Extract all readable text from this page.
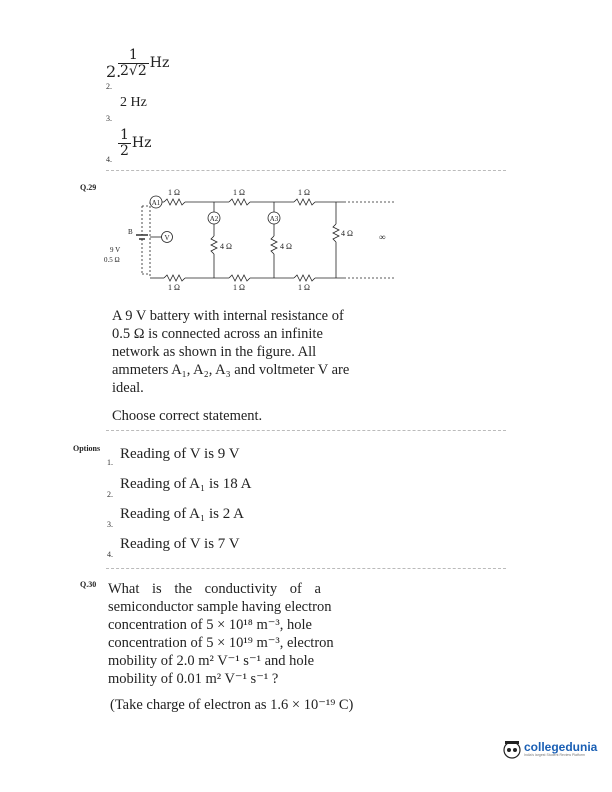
2.
2.
$\frac{1}{2√2}$ Hz
3.
2 Hz
4.
$\frac{1}{2}$ Hz
Q.29
V
A1
A2	A3
1 Ω	1 Ω	1 Ω
1 Ω	1 Ω	1 Ω
4 Ω	4 Ω
4 Ω	∞
B
9 V
0.5 Ω
A 9 V battery with internal resistance of
0.5 Ω is connected across an infinite
network as shown in the figure. All
ammeters A₁, A₂, A₃ and voltmeter V are
ideal.
Choose correct statement.
Options
1.
Reading of V is 9 V
2.
Reading of A₁ is 18 A
3.
Reading of A₁ is 2 A
4.
Reading of V is 7 V
Q.30 What is the conductivity of a
semiconductor sample having electron
concentration of 5 × 10¹⁸ m⁻³, hole
concentration of 5 × 10¹⁹ m⁻³, electron
mobility of 2.0 m² V⁻¹ s⁻¹ and hole
mobility of 0.01 m² V⁻¹ s⁻¹ ?
(Take charge of electron as 1.6 × 10⁻¹⁹ C)
collegedunia
India's largest Student Review Platform
